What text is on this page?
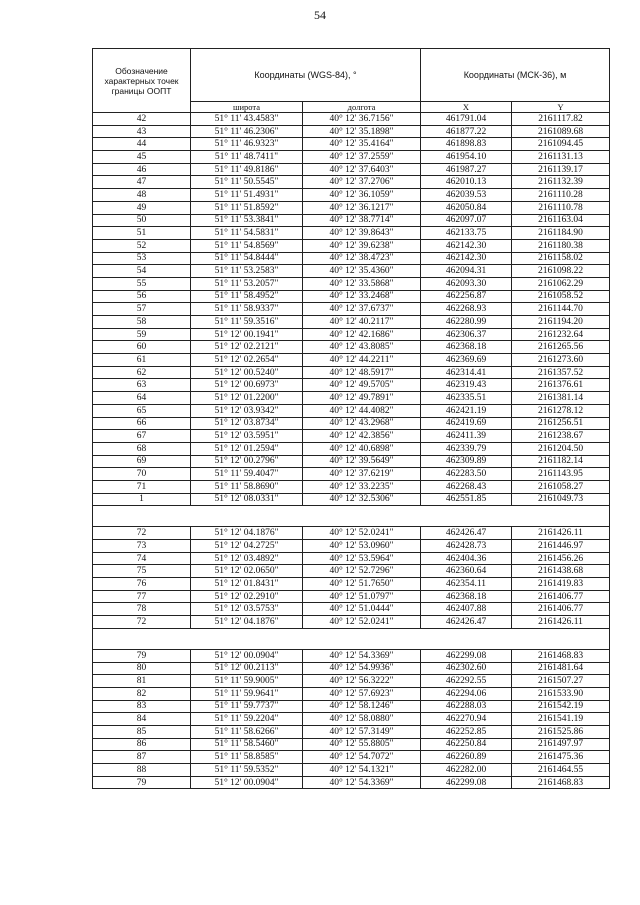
54
Обозначение характерных точек границы ООПТ	Координаты (WGS-84), °		Координаты (МСК-36), м	
	широта	долгота	X	Y
42	51° 11' 43.4583"	40° 12' 36.7156"	461791.04	2161117.82
43	51° 11' 46.2306"	40° 12' 35.1898"	461877.22	2161089.68
44	51° 11' 46.9323"	40° 12' 35.4164"	461898.83	2161094.45
45	51° 11' 48.7411"	40° 12' 37.2559"	461954.10	2161131.13
46	51° 11' 49.8186"	40° 12' 37.6403"	461987.27	2161139.17
47	51° 11' 50.5545"	40° 12' 37.2706"	462010.13	2161132.39
48	51° 11' 51.4931"	40° 12' 36.1059"	462039.53	2161110.28
49	51° 11' 51.8592"	40° 12' 36.1217"	462050.84	2161110.78
50	51° 11' 53.3841"	40° 12' 38.7714"	462097.07	2161163.04
51	51° 11' 54.5831"	40° 12' 39.8643"	462133.75	2161184.90
52	51° 11' 54.8569"	40° 12' 39.6238"	462142.30	2161180.38
53	51° 11' 54.8444"	40° 12' 38.4723"	462142.30	2161158.02
54	51° 11' 53.2583"	40° 12' 35.4360"	462094.31	2161098.22
55	51° 11' 53.2057"	40° 12' 33.5868"	462093.30	2161062.29
56	51° 11' 58.4952"	40° 12' 33.2468"	462256.87	2161058.52
57	51° 11' 58.9337"	40° 12' 37.6737"	462268.93	2161144.70
58	51° 11' 59.3516"	40° 12' 40.2117"	462280.99	2161194.20
59	51° 12' 00.1941"	40° 12' 42.1686"	462306.37	2161232.64
60	51° 12' 02.2121"	40° 12' 43.8085"	462368.18	2161265.56
61	51° 12' 02.2654"	40° 12' 44.2211"	462369.69	2161273.60
62	51° 12' 00.5240"	40° 12' 48.5917"	462314.41	2161357.52
63	51° 12' 00.6973"	40° 12' 49.5705"	462319.43	2161376.61
64	51° 12' 01.2200"	40° 12' 49.7891"	462335.51	2161381.14
65	51° 12' 03.9342"	40° 12' 44.4082"	462421.19	2161278.12
66	51° 12' 03.8734"	40° 12' 43.2968"	462419.69	2161256.51
67	51° 12' 03.5951"	40° 12' 42.3856"	462411.39	2161238.67
68	51° 12' 01.2594"	40° 12' 40.6898"	462339.79	2161204.50
69	51° 12' 00.2796"	40° 12' 39.5649"	462309.89	2161182.14
70	51° 11' 59.4047"	40° 12' 37.6219"	462283.50	2161143.95
71	51° 11' 58.8690"	40° 12' 33.2235"	462268.43	2161058.27
1	51° 12' 08.0331"	40° 12' 32.5306"	462551.85	2161049.73

72	51° 12' 04.1876"	40° 12' 52.0241"	462426.47	2161426.11
73	51° 12' 04.2725"	40° 12' 53.0960"	462428.73	2161446.97
74	51° 12' 03.4892"	40° 12' 53.5964"	462404.36	2161456.26
75	51° 12' 02.0650"	40° 12' 52.7296"	462360.64	2161438.68
76	51° 12' 01.8431"	40° 12' 51.7650"	462354.11	2161419.83
77	51° 12' 02.2910"	40° 12' 51.0797"	462368.18	2161406.77
78	51° 12' 03.5753"	40° 12' 51.0444"	462407.88	2161406.77
72	51° 12' 04.1876"	40° 12' 52.0241"	462426.47	2161426.11

79	51° 12' 00.0904"	40° 12' 54.3369"	462299.08	2161468.83
80	51° 12' 00.2113"	40° 12' 54.9936"	462302.60	2161481.64
81	51° 11' 59.9005"	40° 12' 56.3222"	462292.55	2161507.27
82	51° 11' 59.9641"	40° 12' 57.6923"	462294.06	2161533.90
83	51° 11' 59.7737"	40° 12' 58.1246"	462288.03	2161542.19
84	51° 11' 59.2204"	40° 12' 58.0880"	462270.94	2161541.19
85	51° 11' 58.6266"	40° 12' 57.3149"	462252.85	2161525.86
86	51° 11' 58.5460"	40° 12' 55.8805"	462250.84	2161497.97
87	51° 11' 58.8585"	40° 12' 54.7072"	462260.89	2161475.36
88	51° 11' 59.5352"	40° 12' 54.1321"	462282.00	2161464.55
79	51° 12' 00.0904"	40° 12' 54.3369"	462299.08	2161468.83
